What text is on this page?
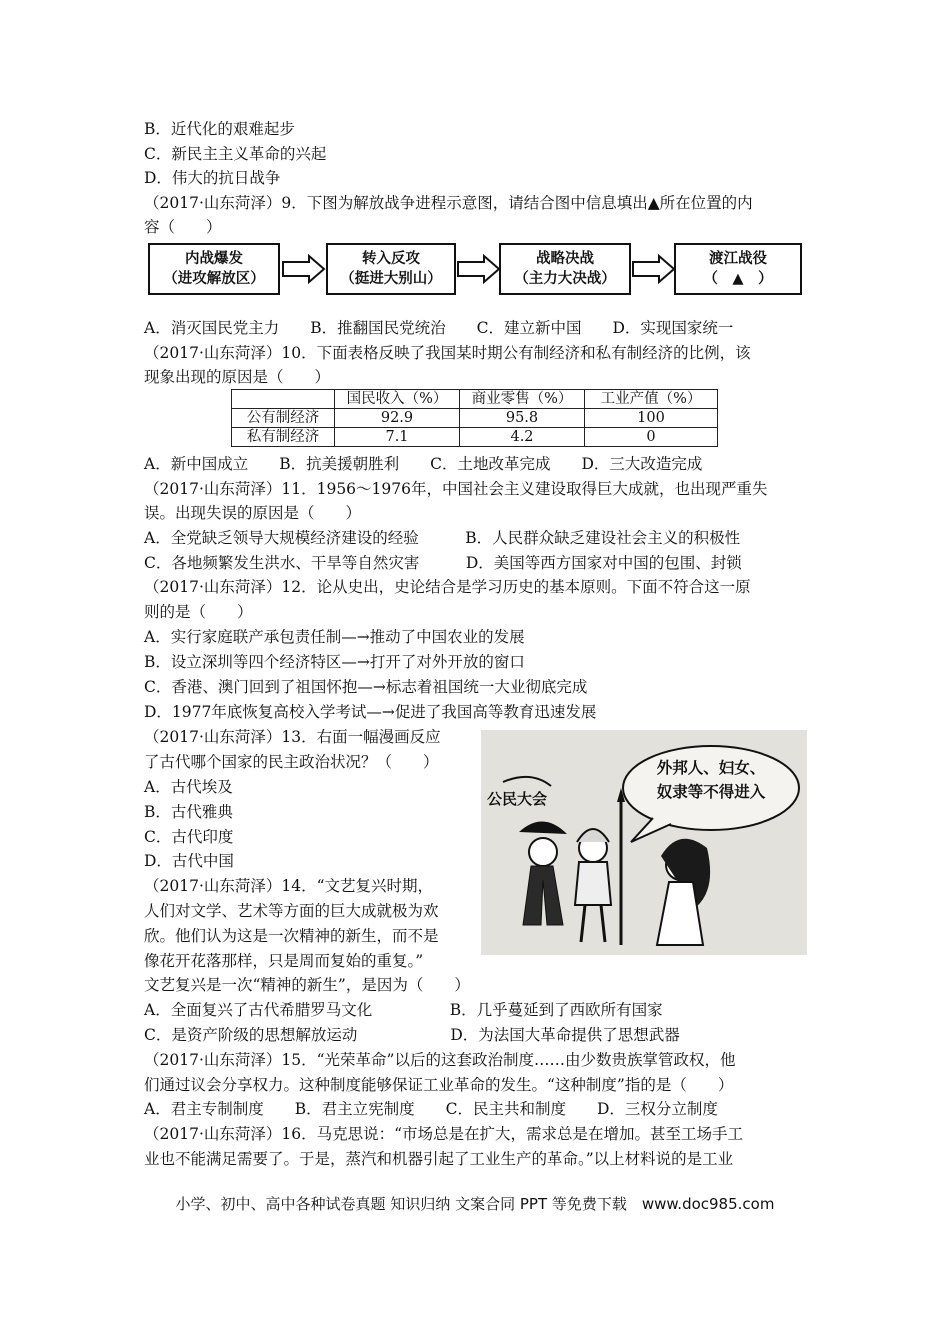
B．近代化的艰难起步
C．新民主主义革命的兴起
D．伟大的抗日战争
（2017·山东菏泽）9．下图为解放战争进程示意图，请结合图中信息填出▲所在位置的内
容（　　）
内战爆发
（进攻解放区）
转入反攻
（挺进大别山）
战略决战
（主力大决战）
渡江战役
（　▲　）
A．消灭国民党主力　　B．推翻国民党统治　　C．建立新中国　　D．实现国家统一
（2017·山东菏泽）10．下面表格反映了我国某时期公有制经济和私有制经济的比例，该
现象出现的原因是（　　）
	国民收入（%）	商业零售（%）	工业产值（%）
公有制经济	92.9	95.8	100
私有制经济	7.1	4.2	0
A．新中国成立　　B．抗美援朝胜利　　C．土地改革完成　　D．三大改造完成
（2017·山东菏泽）11．1956～1976年，中国社会主义建设取得巨大成就，也出现严重失
误。出现失误的原因是（　　）
A．全党缺乏领导大规模经济建设的经验　　　B．人民群众缺乏建设社会主义的积极性
C．各地频繁发生洪水、干旱等自然灾害　　　D．美国等西方国家对中国的包围、封锁
（2017·山东菏泽）12．论从史出，史论结合是学习历史的基本原则。下面不符合这一原
则的是（　　）
A．实行家庭联产承包责任制—→推动了中国农业的发展
B．设立深圳等四个经济特区—→打开了对外开放的窗口
C．香港、澳门回到了祖国怀抱—→标志着祖国统一大业彻底完成
D．1977年底恢复高校入学考试—→促进了我国高等教育迅速发展
（2017·山东菏泽）13．右面一幅漫画反应
了古代哪个国家的民主政治状况？（　　）
A．古代埃及
B．古代雅典
C．古代印度
D．古代中国
公民大会
外邦人、妇女、
奴隶等不得进入
（2017·山东菏泽）14．“文艺复兴时期，
人们对文学、艺术等方面的巨大成就极为欢
欣。他们认为这是一次精神的新生，而不是
像花开花落那样，只是周而复始的重复。”
文艺复兴是一次“精神的新生”，是因为（　　）
A．全面复兴了古代希腊罗马文化　　　　　B．几乎蔓延到了西欧所有国家
C．是资产阶级的思想解放运动　　　　　　D．为法国大革命提供了思想武器
（2017·山东菏泽）15．“光荣革命”以后的这套政治制度……由少数贵族掌管政权，他
们通过议会分享权力。这种制度能够保证工业革命的发生。“这种制度”指的是（　　）
A．君主专制制度　　B．君主立宪制度　　C．民主共和制度　　D．三权分立制度
（2017·山东菏泽）16．马克思说：“市场总是在扩大，需求总是在增加。甚至工场手工
业也不能满足需要了。于是，蒸汽和机器引起了工业生产的革命。”以上材料说的是工业
小学、初中、高中各种试卷真题 知识归纳 文案合同 PPT 等免费下载　www.doc985.com
